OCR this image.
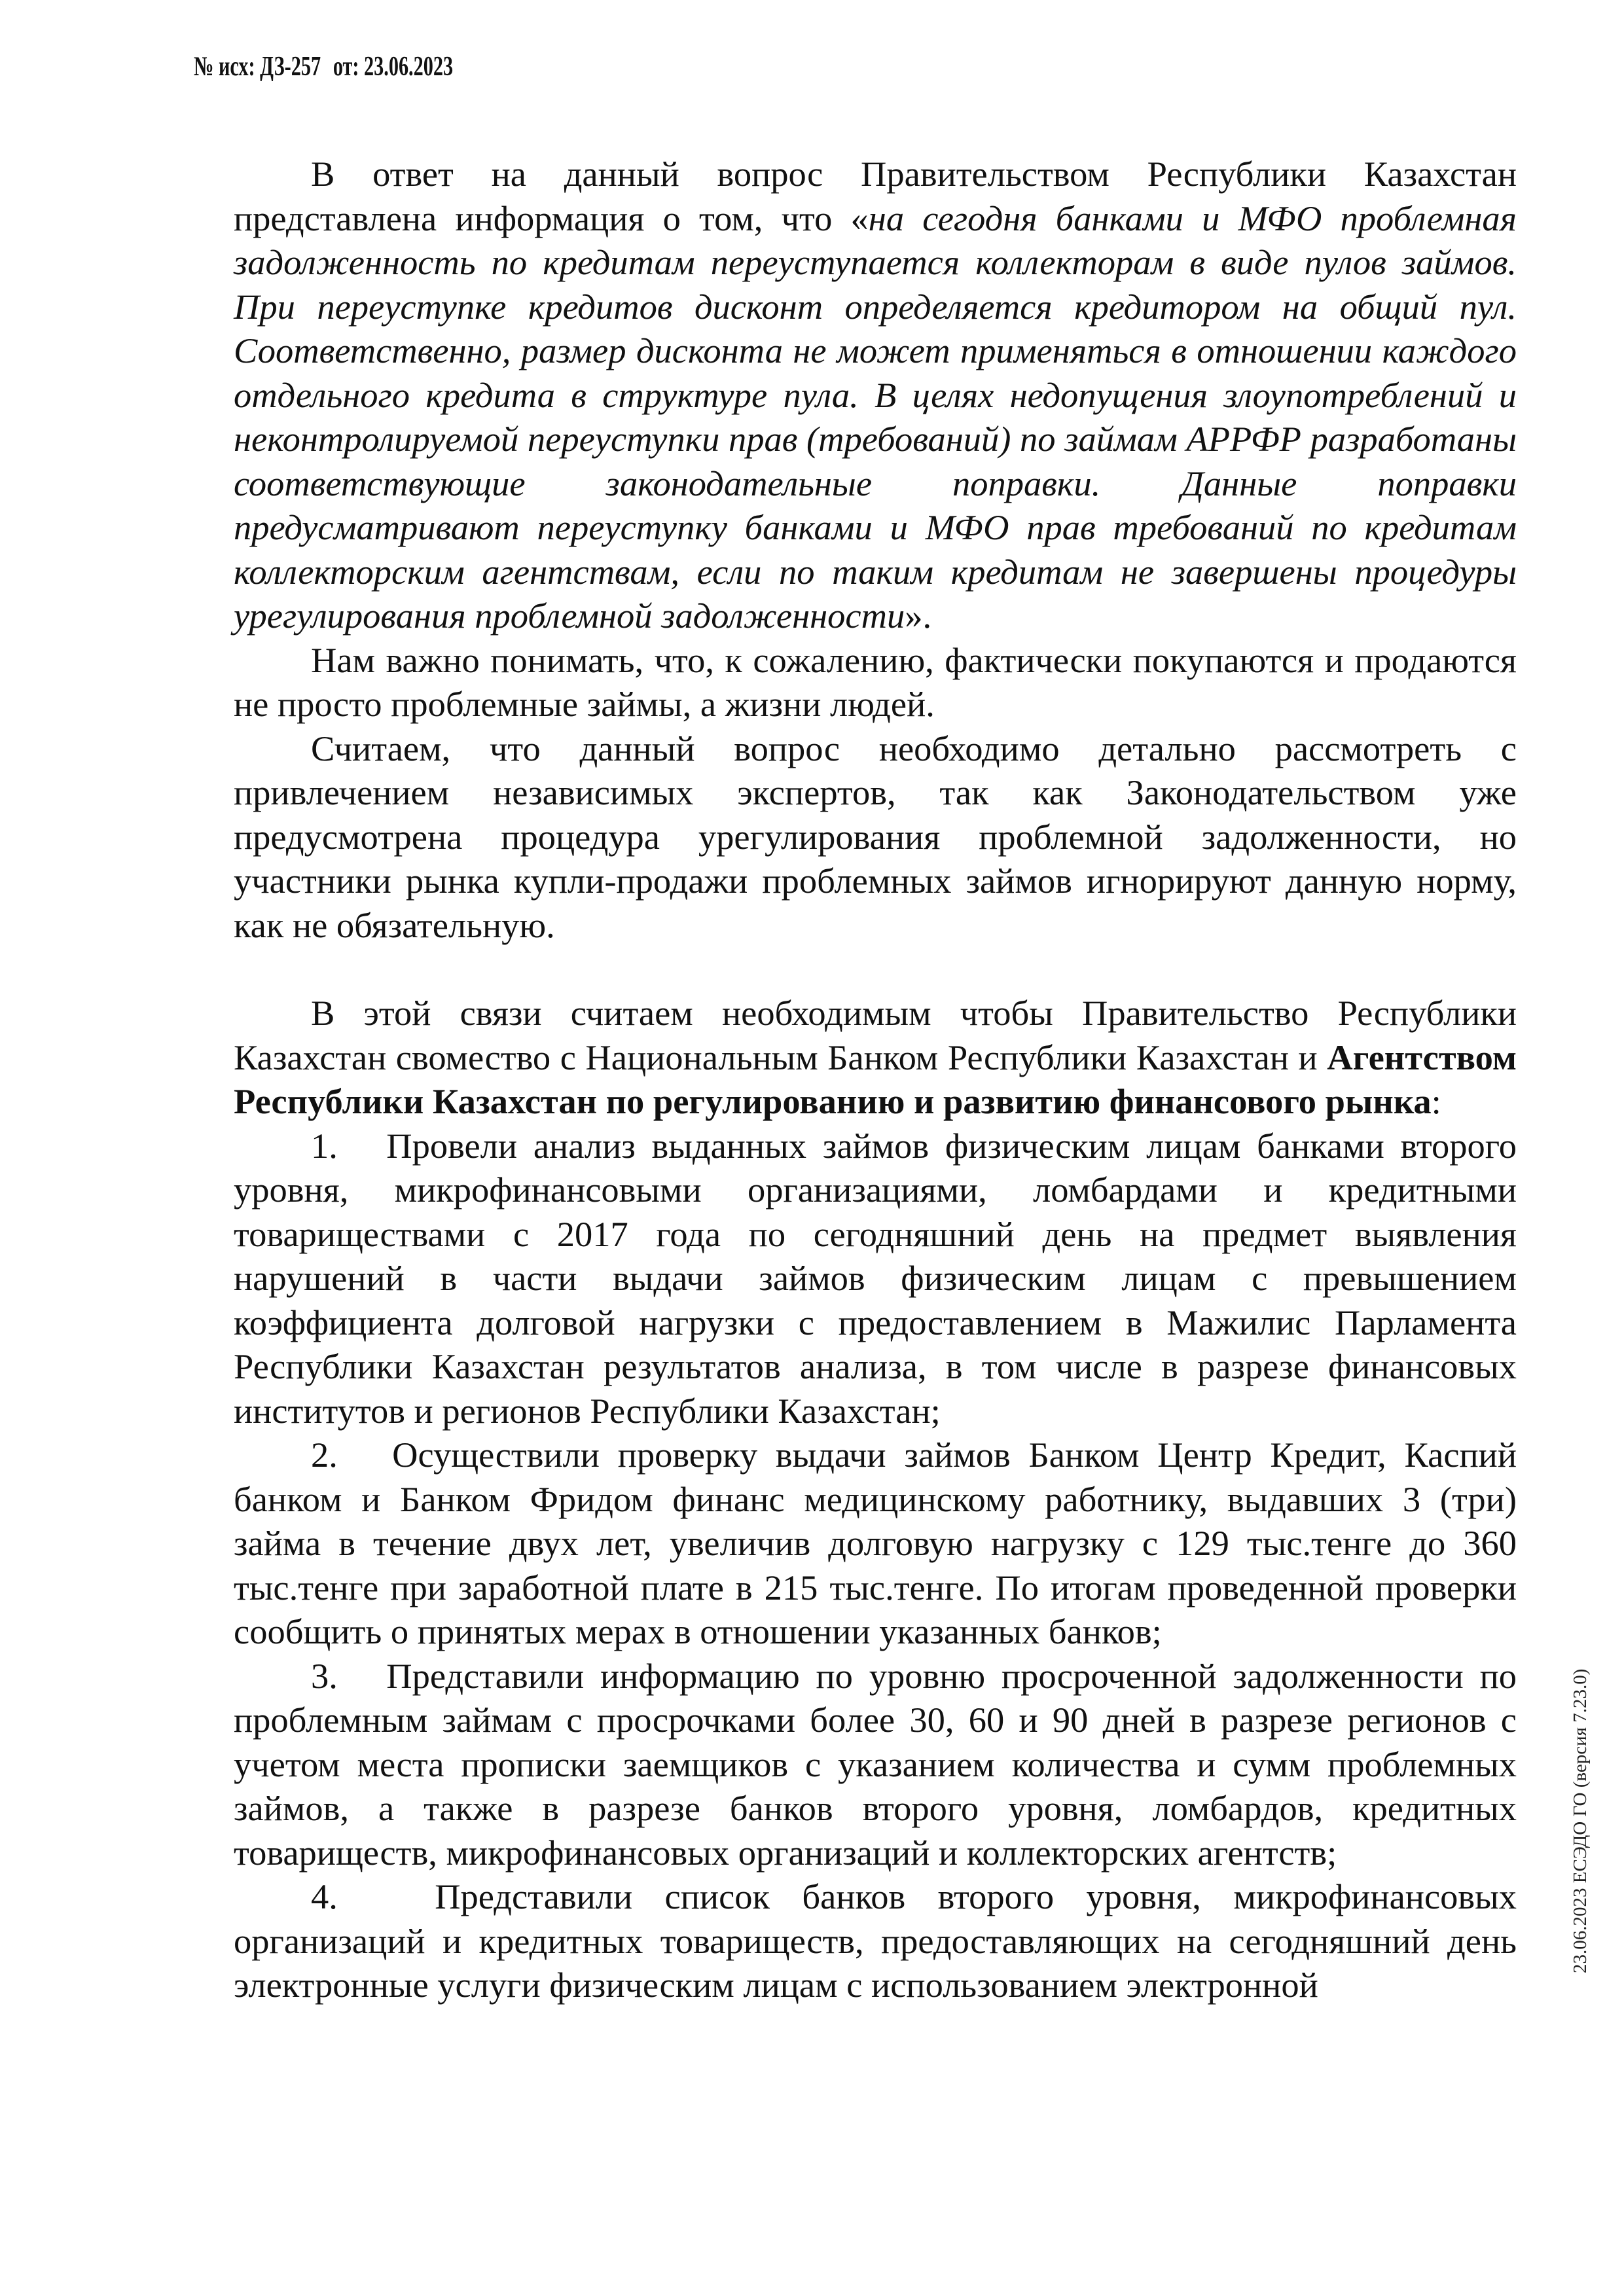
№ исх: ДЗ-257 от: 23.06.2023

В ответ на данный вопрос Правительством Республики Казахстан представлена информация о том, что «на сегодня банками и МФО проблемная задолженность по кредитам переуступается коллекторам в виде пулов займов. При переуступке кредитов дисконт определяется кредитором на общий пул. Соответственно, размер дисконта не может применяться в отношении каждого отдельного кредита в структуре пула. В целях недопущения злоупотреблений и неконтролируемой переуступки прав (требований) по займам АРРФР разработаны соответствующие законодательные поправки. Данные поправки предусматривают переуступку банками и МФО прав требований по кредитам коллекторским агентствам, если по таким кредитам не завершены процедуры урегулирования проблемной задолженности».

Нам важно понимать, что, к сожалению, фактически покупаются и продаются не просто проблемные займы, а жизни людей.

Считаем, что данный вопрос необходимо детально рассмотреть с привлечением независимых экспертов, так как Законодательством уже предусмотрена процедура урегулирования проблемной задолженности, но участники рынка купли-продажи проблемных займов игнорируют данную норму, как не обязательную.

В этой связи считаем необходимым чтобы Правительство Республики Казахстан свомество с Национальным Банком Республики Казахстан и Агентством Республики Казахстан по регулированию и развитию финансового рынка:

1. Провели анализ выданных займов физическим лицам банками второго уровня, микрофинансовыми организациями, ломбардами и кредитными товариществами с 2017 года по сегодняшний день на предмет выявления нарушений в части выдачи займов физическим лицам с превышением коэффициента долговой нагрузки с предоставлением в Мажилис Парламента Республики Казахстан результатов анализа, в том числе в разрезе финансовых институтов и регионов Республики Казахстан;

2. Осуществили проверку выдачи займов Банком Центр Кредит, Каспий банком и Банком Фридом финанс медицинскому работнику, выдавших 3 (три) займа в течение двух лет, увеличив долговую нагрузку с 129 тыс.тенге до 360 тыс.тенге при заработной плате в 215 тыс.тенге. По итогам проведенной проверки сообщить о принятых мерах в отношении указанных банков;

3. Представили информацию по уровню просроченной задолженности по проблемным займам с просрочками более 30, 60 и 90 дней в разрезе регионов с учетом места прописки заемщиков с указанием количества и сумм проблемных займов, а также в разрезе банков второго уровня, ломбардов, кредитных товариществ, микрофинансовых организаций и коллекторских агентств;

4.	Представили список банков второго уровня, микрофинансовых организаций и кредитных товариществ, предоставляющих на сегодняшний день электронные услуги физическим лицам с использованием электронной

23.06.2023 ЕСЭДО ГО (версия 7.23.0)
